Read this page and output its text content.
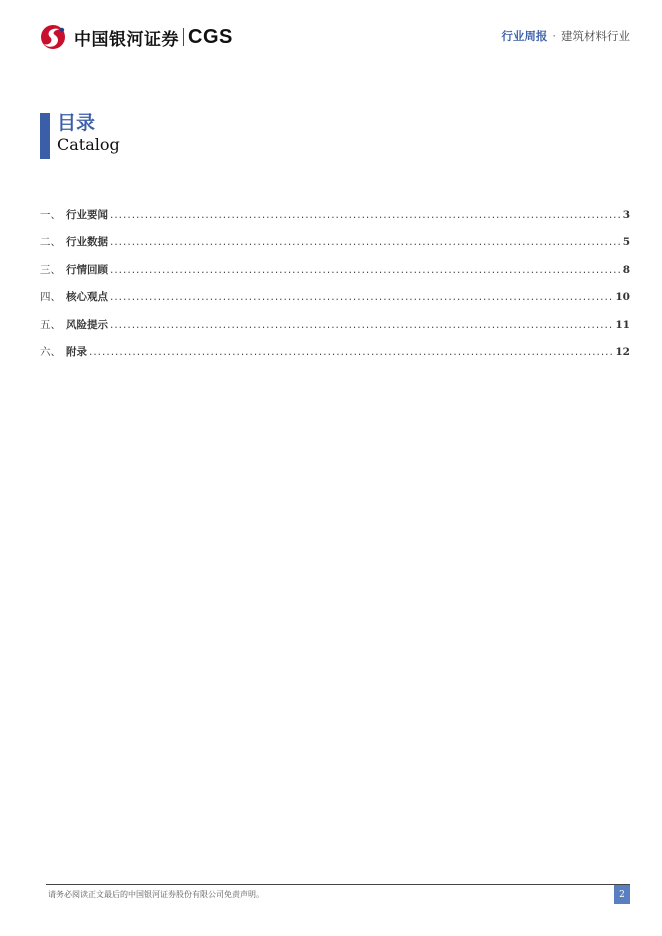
中国银河证券 CGS	行业周报 · 建筑材料行业
目录
Catalog
一、 行业要闻 .....	3
二、 行业数据 .....	5
三、 行情回顾 .....	8
四、 核心观点 .....	10
五、 风险提示 .....	11
六、 附录 .....	12
请务必阅读正文最后的中国银河证券股份有限公司免责声明。	2
